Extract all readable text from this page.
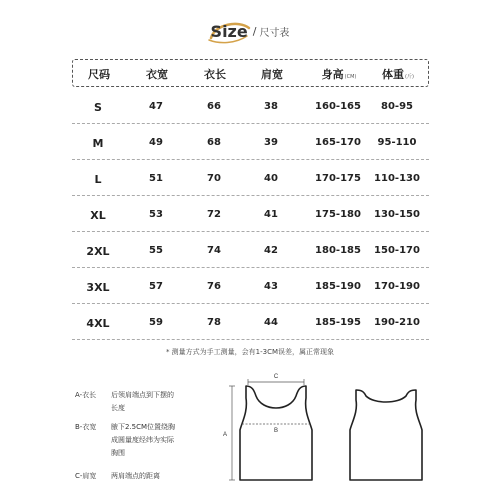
Size / 尺寸表
尺码	衣宽	衣长	肩宽	身高(CM) 体重(斤)
S	47	66	38	160-165 80-95
M	49	68	39	165-170 95-110
L	51	70	40	170-175 110-130
XL	53	72	41	175-180 130-150
2XL	55	74	42	180-185 150-170
3XL	57	76	43	185-190 170-190
4XL	59	78	44	185-195 190-210
* 测量方式为手工测量，会有1-3CM误差，属正常现象
A-衣长 后领肩端点到下摆的
长度
B-衣宽 腋下2.5CM位置绕胸
成圆量度经纬为实际
胸围
C-肩宽 两肩端点的距离
C
B
A
